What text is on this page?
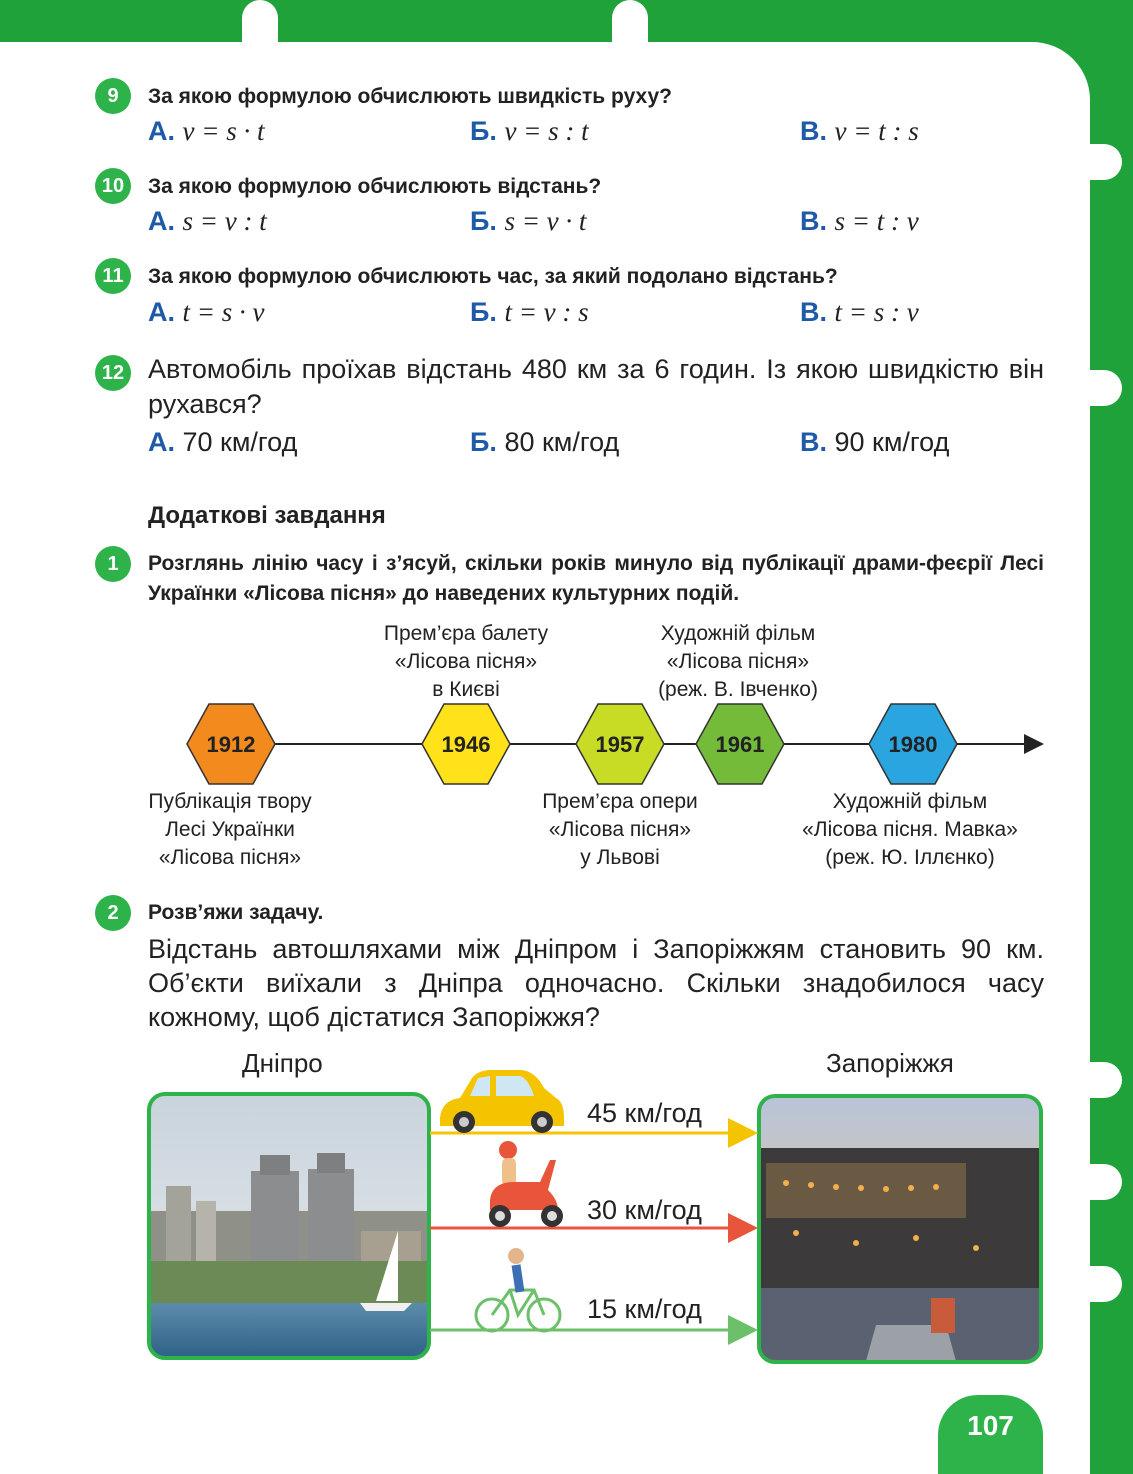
9	За якою формулою обчислюють швидкість руху?
А. v = s · t	Б. v = s : t	В. v = t : s
10	За якою формулою обчислюють відстань?
А. s = v : t	Б. s = v · t	В. s = t : v
11	За якою формулою обчислюють час, за який подолано відстань?
А. t = s · v	Б. t = v : s	В. t = s : v
12 Автомобіль проїхав відстань 480 км за 6 годин. Із якою швидкістю він рухався?
А. 70 км/год	Б. 80 км/год	В. 90 км/год
Додаткові завдання
1	Розглянь лінію часу і з’ясуй, скільки років минуло від публікації драми-феєрії Лесі Українки «Лісова пісня» до наведених культурних подій.
1912	1946	1957	1961	1980
Прем’єра балету
«Лісова пісня»
в Києві
Художній фільм
«Лісова пісня»
(реж. В. Івченко)
Публікація твору
Лесі Українки
«Лісова пісня»
Прем’єра опери
«Лісова пісня»
у Львові
Художній фільм
«Лісова пісня. Мавка»
(реж. Ю. Іллєнко)
2	Розв’яжи задачу.
Відстань автошляхами між Дніпром і Запоріжжям становить 90 км. Об’єкти виїхали з Дніпра одночасно. Скільки знадобилося часу кожному, щоб дістатися Запоріжжя?
Дніпро	Запоріжжя
45 км/год
30 км/год
15 км/год
107
